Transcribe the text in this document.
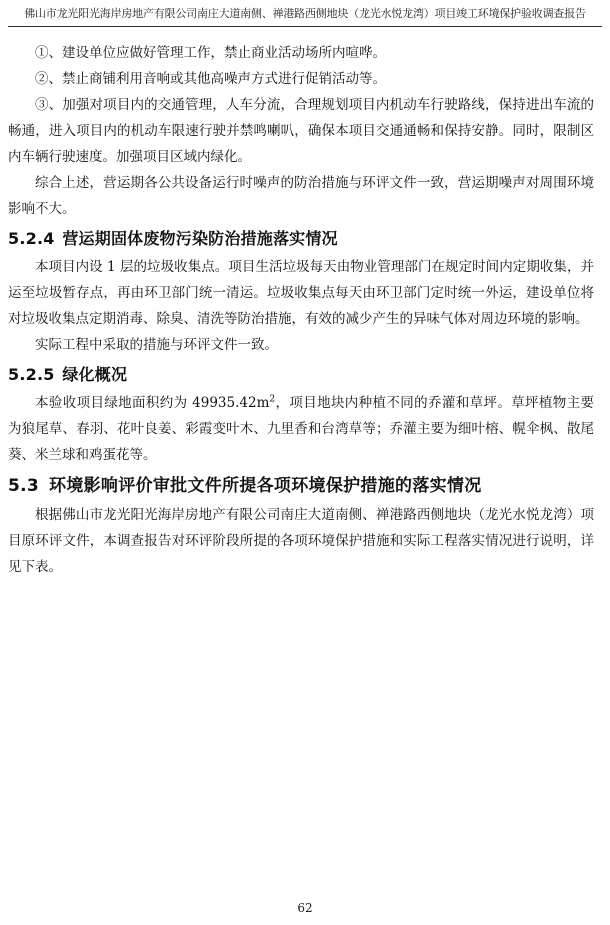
佛山市龙光阳光海岸房地产有限公司南庄大道南侧、禅港路西侧地块（龙光水悦龙湾）项目竣工环境保护验收调查报告

①、建设单位应做好管理工作，禁止商业活动场所内喧哗。

②、禁止商铺利用音响或其他高噪声方式进行促销活动等。

③、加强对项目内的交通管理，人车分流，合理规划项目内机动车行驶路线，保持进出车流的畅通，进入项目内的机动车限速行驶并禁鸣喇叭，确保本项目交通通畅和保持安静。同时，限制区内车辆行驶速度。加强项目区域内绿化。

综合上述，营运期各公共设备运行时噪声的防治措施与环评文件一致，营运期噪声对周围环境影响不大。

5.2.4 营运期固体废物污染防治措施落实情况

本项目内设 1 层的垃圾收集点。项目生活垃圾每天由物业管理部门在规定时间内定期收集，并运至垃圾暂存点，再由环卫部门统一清运。垃圾收集点每天由环卫部门定时统一外运，建设单位将对垃圾收集点定期消毒、除臭、清洗等防治措施，有效的减少产生的异味气体对周边环境的影响。

实际工程中采取的措施与环评文件一致。

5.2.5 绿化概况

本验收项目绿地面积约为 $49935.42m^2$，项目地块内种植不同的乔灌和草坪。草坪植物主要为狼尾草、春羽、花叶良姜、彩霞变叶木、九里香和台湾草等；乔灌主要为细叶榕、幌伞枫、散尾葵、米兰球和鸡蛋花等。

5.3 环境影响评价审批文件所提各项环境保护措施的落实情况

根据佛山市龙光阳光海岸房地产有限公司南庄大道南侧、禅港路西侧地块（龙光水悦龙湾）项目原环评文件，本调查报告对环评阶段所提的各项环境保护措施和实际工程落实情况进行说明，详见下表。

62
